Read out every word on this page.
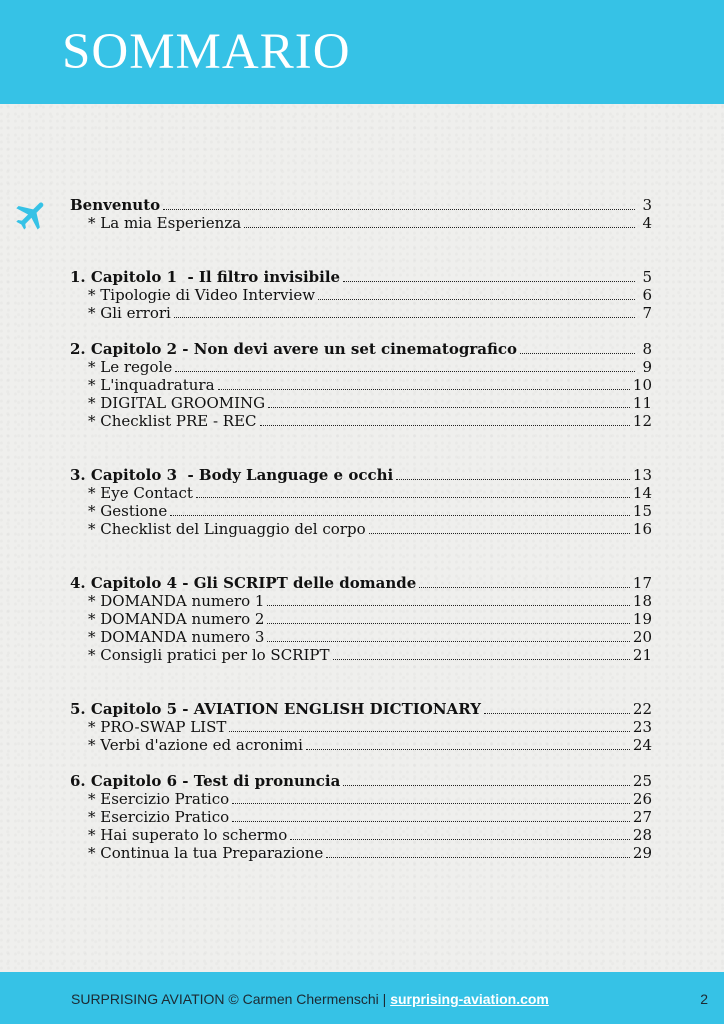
SOMMARIO
Benvenuto	3
* La mia Esperienza	4
1. Capitolo 1  - Il filtro invisibile	5
* Tipologie di Video Interview	6
* Gli errori	7
2. Capitolo 2 - Non devi avere un set cinematografico	8
* Le regole	9
* L'inquadratura	10
* DIGITAL GROOMING	11
* Checklist PRE - REC	12
3. Capitolo 3  - Body Language e occhi	13
* Eye Contact	14
* Gestione	15
* Checklist del Linguaggio del corpo	16
4. Capitolo 4 - Gli SCRIPT delle domande	17
* DOMANDA numero 1	18
* DOMANDA numero 2	19
* DOMANDA numero 3	20
* Consigli pratici per lo SCRIPT	21
5. Capitolo 5 - AVIATION ENGLISH DICTIONARY	22
* PRO-SWAP LIST	23
* Verbi d'azione ed acronimi	24
6. Capitolo 6 - Test di pronuncia	25
* Esercizio Pratico	26
* Esercizio Pratico	27
* Hai superato lo schermo	28
* Continua la tua Preparazione	29
SURPRISING AVIATION © Carmen Chermenschi | surprising-aviation.com	2
